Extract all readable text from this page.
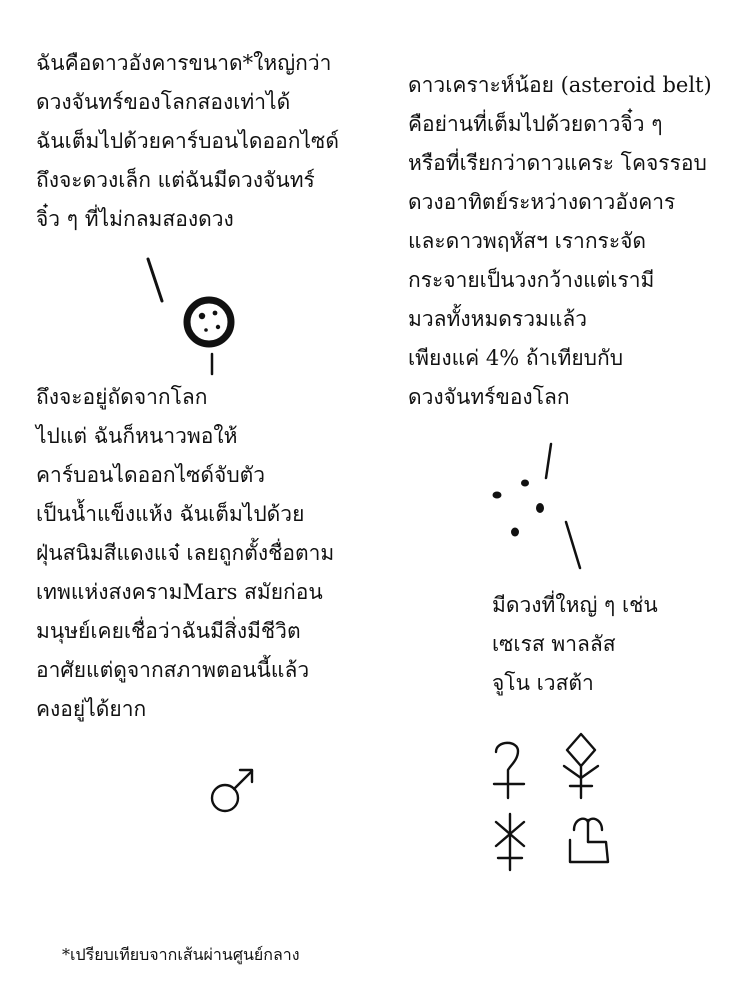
ฉันคือดาวอังคารขนาด*ใหญ่กว่า
ดวงจันทร์ของโลกสองเท่าได้
ฉันเต็มไปด้วยคาร์บอนไดออกไซด์
ถึงจะดวงเล็ก แต่ฉันมีดวงจันทร์
จิ๋ว ๆ ที่ไม่กลมสองดวง
ถึงจะอยู่ถัดจากโลก
ไปแต่ ฉันก็หนาวพอให้
คาร์บอนไดออกไซด์จับตัว
เป็นน้ำแข็งแห้ง ฉันเต็มไปด้วย
ฝุ่นสนิมสีแดงแจ๋ เลยถูกตั้งชื่อตาม
เทพแห่งสงครามMars สมัยก่อน
มนุษย์เคยเชื่อว่าฉันมีสิ่งมีชีวิต
อาศัยแต่ดูจากสภาพตอนนี้แล้ว
คงอยู่ได้ยาก
ดาวเคราะห์น้อย (asteroid belt)
คือย่านที่เต็มไปด้วยดาวจิ๋ว ๆ
หรือที่เรียกว่าดาวแคระ โคจรรอบ
ดวงอาทิตย์ระหว่างดาวอังคาร
และดาวพฤหัสฯ เรากระจัด
กระจายเป็นวงกว้างแต่เรามี
มวลทั้งหมดรวมแล้ว
เพียงแค่ 4% ถ้าเทียบกับ
ดวงจันทร์ของโลก
มีดวงที่ใหญ่ ๆ เช่น
เซเรส พาลลัส
จูโน เวสต้า
*เปรียบเทียบจากเส้นผ่านศูนย์กลาง
